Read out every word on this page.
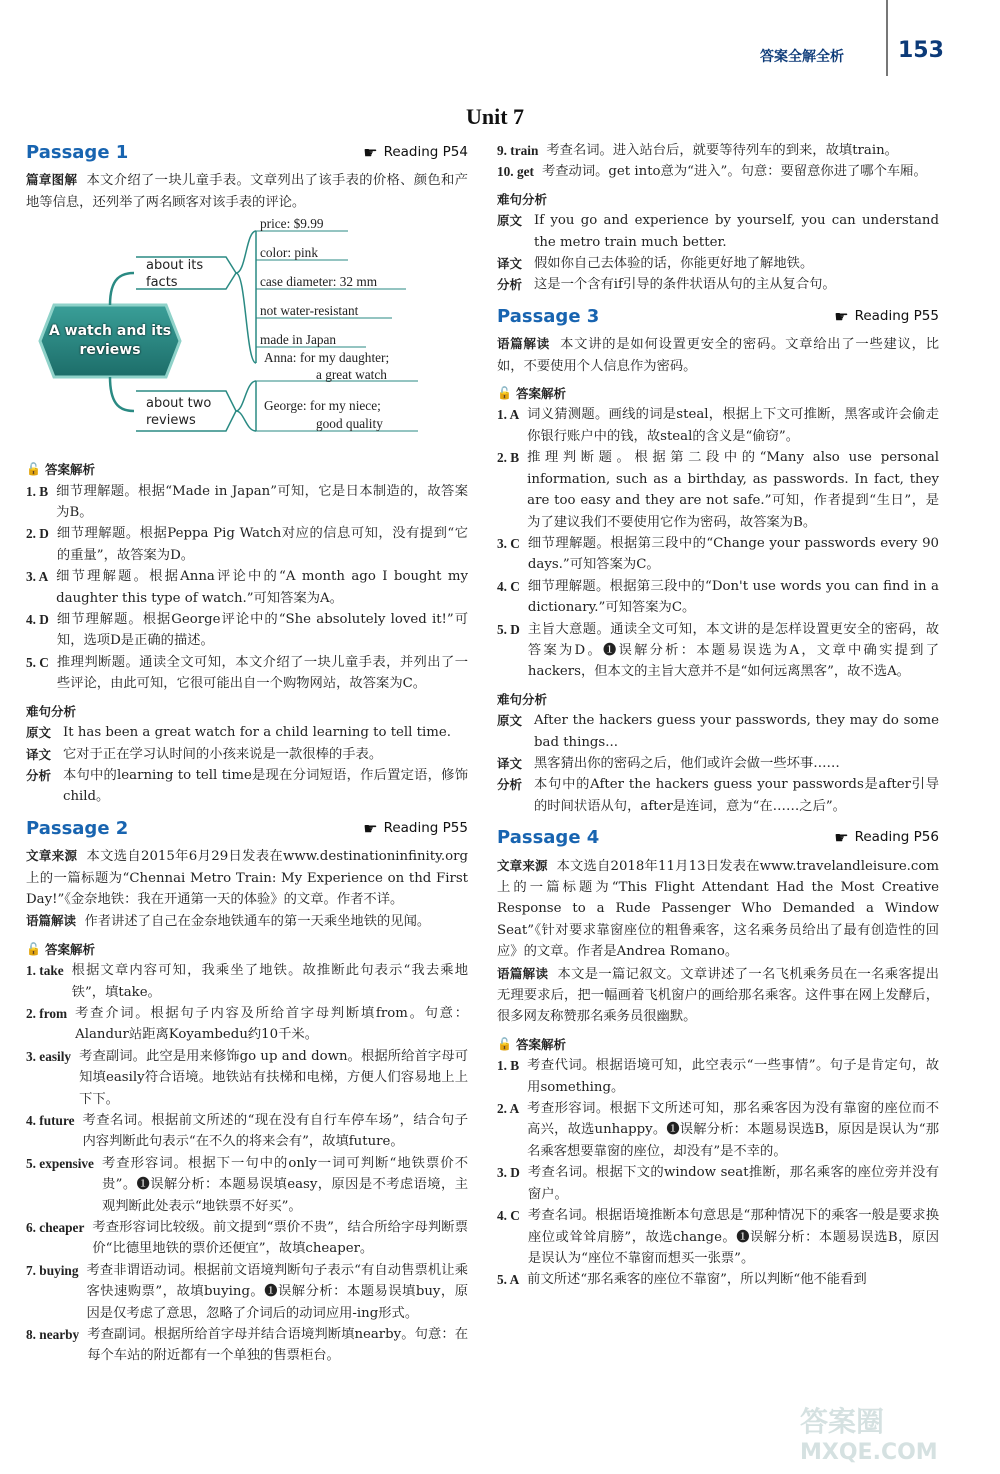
答案全解全析 153
Unit 7
Passage 1	☛ Reading P54

篇章图解 本文介绍了一块儿童手表。文章列出了该手表的价格、颜色和产地等信息，还列举了两名顾客对该手表的评论。

A watch and its reviews
about its facts
about two reviews
price: $9.99
color: pink
case diameter: 32 mm
not water-resistant
made in Japan
Anna: for my daughter;
a great watch
George: for my niece;
good quality
🔓 答案解析
1. B 细节理解题。根据“Made in Japan”可知，它是日本制造的，故答案为B。
2. D 细节理解题。根据Peppa Pig Watch对应的信息可知，没有提到“它的重量”，故答案为D。
3. A 细节理解题。根据Anna评论中的“A month ago I bought my daughter this type of watch.”可知答案为A。
4. D 细节理解题。根据George评论中的“She absolutely loved it!”可知，选项D是正确的描述。
5. C 推理判断题。通读全文可知，本文介绍了一块儿童手表，并列出了一些评论，由此可知，它很可能出自一个购物网站，故答案为C。
难句分析
原文 It has been a great watch for a child learning to tell time.
译文 它对于正在学习认时间的小孩来说是一款很棒的手表。
分析 本句中的learning to tell time是现在分词短语，作后置定语，修饰child。
Passage 2	☛ Reading P55

文章来源 本文选自2015年6月29日发表在www.destinationinfinity.org上的一篇标题为“Chennai Metro Train: My Experience on thd First Day!”《金奈地铁：我在开通第一天的体验》的文章。作者不详。

语篇解读 作者讲述了自己在金奈地铁通车的第一天乘坐地铁的见闻。

🔓 答案解析
1. take 根据文章内容可知，我乘坐了地铁。故推断此句表示“我去乘地铁”，填take。
2. from 考查介词。根据句子内容及所给首字母判断填from。句意：Alandur站距离Koyambedu约10千米。
3. easily 考查副词。此空是用来修饰go up and down。根据所给首字母可知填easily符合语境。地铁站有扶梯和电梯，方便人们容易地上上下下。
4. future 考查名词。根据前文所述的“现在没有自行车停车场”，结合句子内容判断此句表示“在不久的将来会有”，故填future。
5. expensive 考查形容词。根据下一句中的only一词可判断“地铁票价不贵”。❶误解分析：本题易误填easy，原因是不考虑语境，主观判断此处表示“地铁票不好买”。
6. cheaper 考查形容词比较级。前文提到“票价不贵”，结合所给字母判断票价“比德里地铁的票价还便宜”，故填cheaper。
7. buying 考查非谓语动词。根据前文语境判断句子表示“有自动售票机让乘客快速购票”，故填buying。❶误解分析：本题易误填buy，原因是仅考虑了意思，忽略了介词后的动词应用-ing形式。
8. nearby 考查副词。根据所给首字母并结合语境判断填nearby。句意：在每个车站的附近都有一个单独的售票柜台。
9. train 考查名词。进入站台后，就要等待列车的到来，故填train。
10. get 考查动词。get into意为“进入”。句意：要留意你进了哪个车厢。
难句分析
原文 If you go and experience by yourself, you can understand the metro train much better.
译文 假如你自己去体验的话，你能更好地了解地铁。
分析 这是一个含有if引导的条件状语从句的主从复合句。
Passage 3	☛ Reading P55

语篇解读 本文讲的是如何设置更安全的密码。文章给出了一些建议，比如，不要使用个人信息作为密码。

🔓 答案解析
1. A 词义猜测题。画线的词是steal，根据上下文可推断，黑客或许会偷走你银行账户中的钱，故steal的含义是“偷窃”。
2. B 推理判断题。根据第二段中的“Many also use personal information, such as a birthday, as passwords. In fact, they are too easy and they are not safe.”可知，作者提到“生日”，是为了建议我们不要使用它作为密码，故答案为B。
3. C 细节理解题。根据第三段中的“Change your passwords every 90 days.”可知答案为C。
4. C 细节理解题。根据第三段中的“Don't use words you can find in a dictionary.”可知答案为C。
5. D 主旨大意题。通读全文可知，本文讲的是怎样设置更安全的密码，故答案为D。❶误解分析：本题易误选为A，文章中确实提到了hackers，但本文的主旨大意并不是“如何远离黑客”，故不选A。
难句分析
原文 After the hackers guess your passwords, they may do some bad things...
译文 黑客猜出你的密码之后，他们或许会做一些坏事……
分析 本句中的After the hackers guess your passwords是after引导的时间状语从句，after是连词，意为“在……之后”。
Passage 4	☛ Reading P56

文章来源 本文选自2018年11月13日发表在www.travelandleisure.com上的一篇标题为“This Flight Attendant Had the Most Creative Response to a Rude Passenger Who Demanded a Window Seat”《针对要求靠窗座位的粗鲁乘客，这名乘务员给出了最有创造性的回应》的文章。作者是Andrea Romano。

语篇解读 本文是一篇记叙文。文章讲述了一名飞机乘务员在一名乘客提出无理要求后，把一幅画着飞机窗户的画给那名乘客。这件事在网上发酵后，很多网友称赞那名乘务员很幽默。

🔓 答案解析
1. B 考查代词。根据语境可知，此空表示“一些事情”。句子是肯定句，故用something。
2. A 考查形容词。根据下文所述可知，那名乘客因为没有靠窗的座位而不高兴，故选unhappy。❶误解分析：本题易误选B，原因是误认为“那名乘客想要靠窗的座位，却没有”是不幸的。
3. D 考查名词。根据下文的window seat推断，那名乘客的座位旁并没有窗户。
4. C 考查名词。根据语境推断本句意思是“那种情况下的乘客一般是要求换座位或耸耸肩膀”，故选change。❶误解分析：本题易误选B，原因是误认为“座位不靠窗而想买一张票”。
5. A 前文所述“那名乘客的座位不靠窗”，所以判断“他不能看到
答案圈
MXQE.COM
